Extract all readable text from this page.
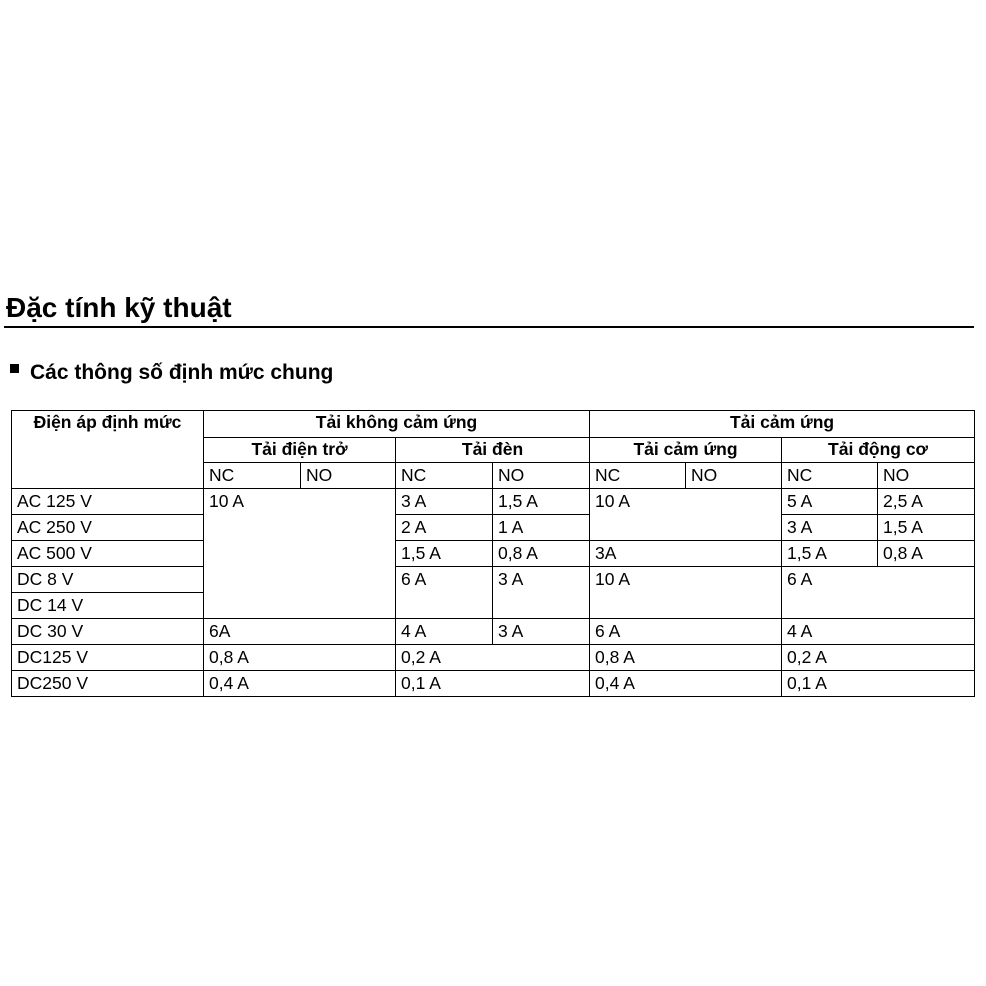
Đặc tính kỹ thuật
Các thông số định mức chung
Điện áp định mức	Tải không cảm ứng				Tải cảm ứng			
	Tải điện trở		Tải đèn		Tải cảm ứng		Tải động cơ	
	NC	NO	NC	NO	NC	NO	NC	NO
AC 125 V	10 A		3 A	1,5 A	10 A		5 A	2,5 A
AC 250 V			2 A	1 A			3 A	1,5 A
AC 500 V			1,5 A	0,8 A	3A		1,5 A	0,8 A
DC 8 V			6 A	3 A	10 A		6 A	
DC 14 V								
DC 30 V	6A		4 A	3 A	6 A		4 A	
DC125 V	0,8 A		0,2 A		0,8 A		0,2 A	
DC250 V	0,4 A		0,1 A		0,4 A		0,1 A	
